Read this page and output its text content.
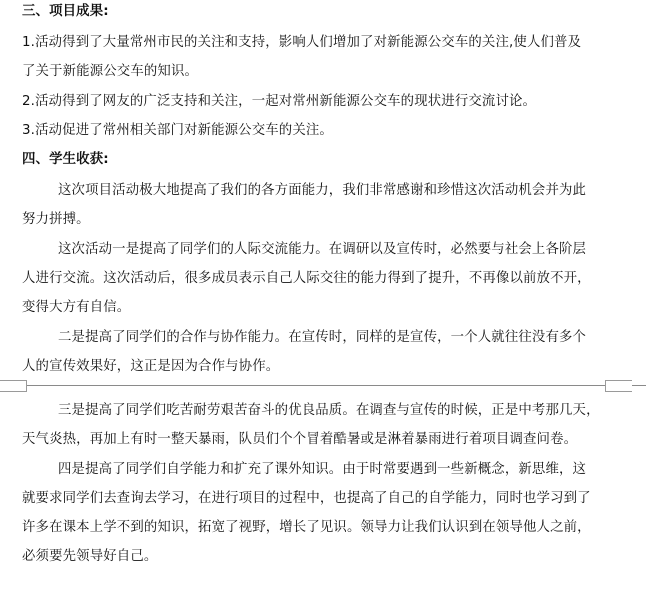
三、项目成果:
1.活动得到了大量常州市民的关注和支持，影响人们增加了对新能源公交车的关注,使人们普及
了关于新能源公交车的知识。
2.活动得到了网友的广泛支持和关注，一起对常州新能源公交车的现状进行交流讨论。
3.活动促进了常州相关部门对新能源公交车的关注。
四、学生收获:
这次项目活动极大地提高了我们的各方面能力，我们非常感谢和珍惜这次活动机会并为此
努力拼搏。
这次活动一是提高了同学们的人际交流能力。在调研以及宣传时，必然要与社会上各阶层
人进行交流。这次活动后，很多成员表示自己人际交往的能力得到了提升，不再像以前放不开，
变得大方有自信。
二是提高了同学们的合作与协作能力。在宣传时，同样的是宣传，一个人就往往没有多个
人的宣传效果好，这正是因为合作与协作。
三是提高了同学们吃苦耐劳艰苦奋斗的优良品质。在调查与宣传的时候，正是中考那几天，
天气炎热，再加上有时一整天暴雨，队员们个个冒着酷暑或是淋着暴雨进行着项目调查问卷。
四是提高了同学们自学能力和扩充了课外知识。由于时常要遇到一些新概念，新思维，这
就要求同学们去查询去学习，在进行项目的过程中，也提高了自己的自学能力，同时也学习到了
许多在课本上学不到的知识，拓宽了视野，增长了见识。领导力让我们认识到在领导他人之前，
必须要先领导好自己。
